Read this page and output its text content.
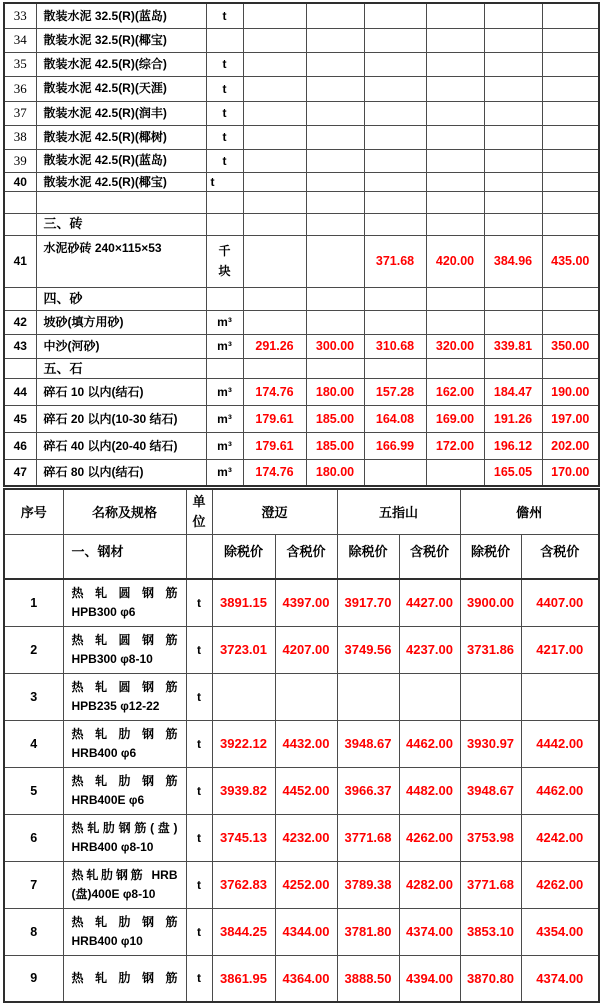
33	散装水泥 32.5(R)(蓝岛)	t						
34	散装水泥 32.5(R)(椰宝)							
35	散装水泥 42.5(R)(综合)	t						
36	散装水泥 42.5(R)(天涯)	t						
37	散装水泥 42.5(R)(润丰)	t						
38	散装水泥 42.5(R)(椰树)	t						
39	散装水泥 42.5(R)(蓝岛)	t						
40	散装水泥 42.5(R)(椰宝)	t						

	三、砖							
41	水泥砂砖 240×115×53	千
块			371.68	420.00	384.96	435.00
	四、砂							
42	坡砂(填方用砂)	m³						
43	中沙(河砂)	m³	291.26	300.00	310.68	320.00	339.81	350.00
	五、石							
44	碎石 10 以内(结石)	m³	174.76	180.00	157.28	162.00	184.47	190.00
45	碎石 20 以内(10-30 结石)	m³	179.61	185.00	164.08	169.00	191.26	197.00
46	碎石 40 以内(20-40 结石)	m³	179.61	185.00	166.99	172.00	196.12	202.00
47	碎石 80 以内(结石)	m³	174.76	180.00			165.05	170.00
序号	名称及规格	单位	澄迈		五指山		儋州	
	一、钢材		除税价	含税价	除税价	含税价	除税价	含税价
1	热 轧 圆 钢 筋
HPB300 φ6	t	3891.15	4397.00	3917.70	4427.00	3900.00	4407.00
2	热 轧 圆 钢 筋
HPB300 φ8-10	t	3723.01	4207.00	3749.56	4237.00	3731.86	4217.00
3	热 轧 圆 钢 筋
HPB235 φ12-22	t						
4	热 轧 肋 钢 筋
HRB400 φ6	t	3922.12	4432.00	3948.67	4462.00	3930.97	4442.00
5	热 轧 肋 钢 筋
HRB400E φ6	t	3939.82	4452.00	3966.37	4482.00	3948.67	4462.00
6	热轧肋钢筋(盘)
HRB400 φ8-10	t	3745.13	4232.00	3771.68	4262.00	3753.98	4242.00
7	热轧肋钢筋 HRB
(盘)400E φ8-10	t	3762.83	4252.00	3789.38	4282.00	3771.68	4262.00
8	热 轧 肋 钢 筋
HRB400 φ10	t	3844.25	4344.00	3781.80	4374.00	3853.10	4354.00
9	热 轧 肋 钢 筋	t	3861.95	4364.00	3888.50	4394.00	3870.80	4374.00
